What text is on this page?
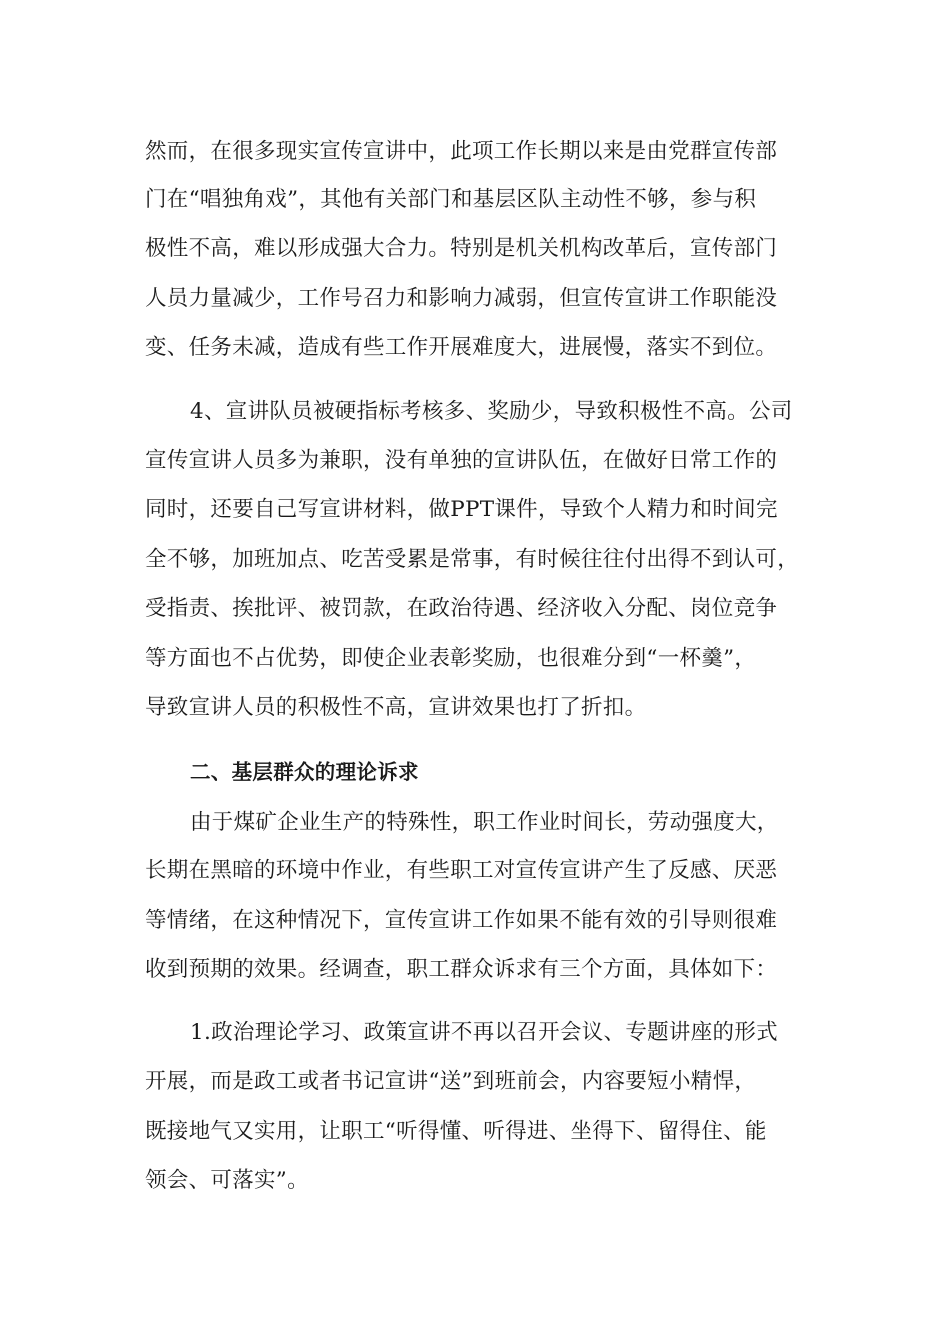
然而，在很多现实宣传宣讲中，此项工作长期以来是由党群宣传部
门在“唱独角戏”，其他有关部门和基层区队主动性不够，参与积
极性不高，难以形成强大合力。特别是机关机构改革后，宣传部门
人员力量减少，工作号召力和影响力减弱，但宣传宣讲工作职能没
变、任务未减，造成有些工作开展难度大，进展慢，落实不到位。
4、宣讲队员被硬指标考核多、奖励少，导致积极性不高。公司
宣传宣讲人员多为兼职，没有单独的宣讲队伍，在做好日常工作的
同时，还要自己写宣讲材料，做PPT课件，导致个人精力和时间完
全不够，加班加点、吃苦受累是常事，有时候往往付出得不到认可，
受指责、挨批评、被罚款，在政治待遇、经济收入分配、岗位竞争
等方面也不占优势，即使企业表彰奖励，也很难分到“一杯羹”，
导致宣讲人员的积极性不高，宣讲效果也打了折扣。
二、基层群众的理论诉求
由于煤矿企业生产的特殊性，职工作业时间长，劳动强度大，
长期在黑暗的环境中作业，有些职工对宣传宣讲产生了反感、厌恶
等情绪，在这种情况下，宣传宣讲工作如果不能有效的引导则很难
收到预期的效果。经调查，职工群众诉求有三个方面，具体如下：
1.政治理论学习、政策宣讲不再以召开会议、专题讲座的形式
开展，而是政工或者书记宣讲“送”到班前会，内容要短小精悍，
既接地气又实用，让职工“听得懂、听得进、坐得下、留得住、能
领会、可落实”。
